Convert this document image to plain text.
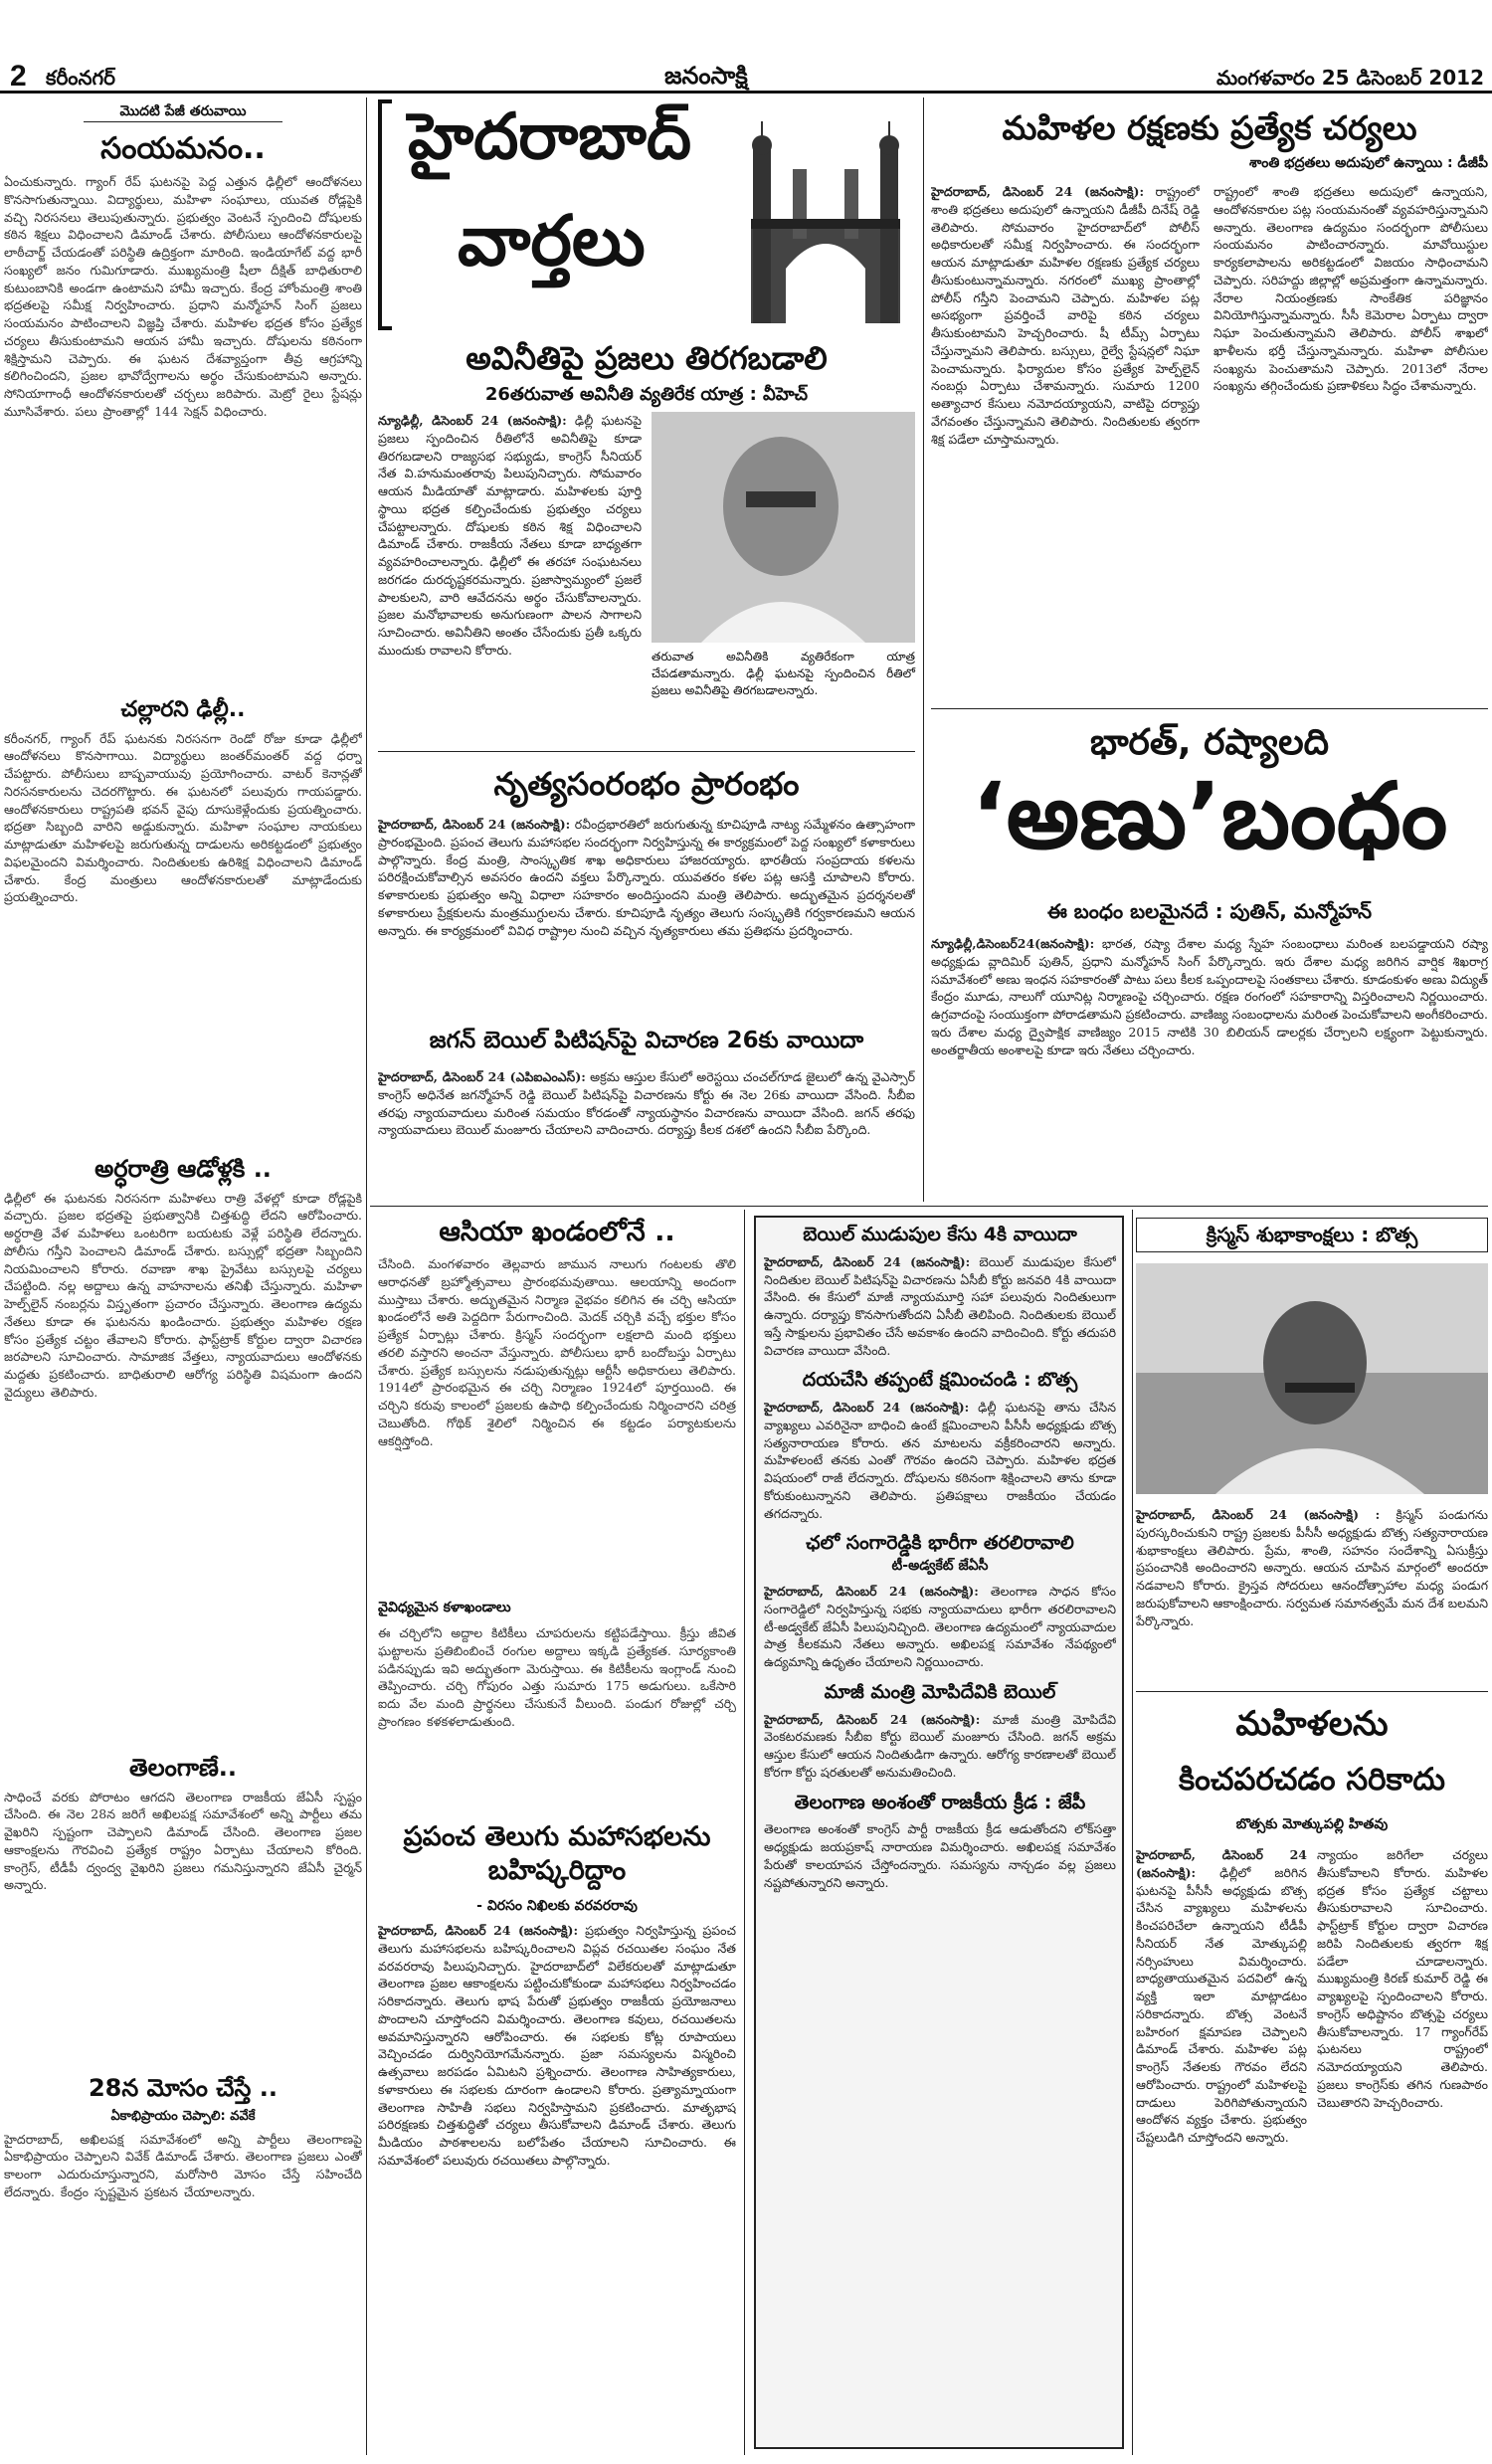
2 కరీంనగర్	జనంసాక్షి	మంగళవారం 25 డిసెంబర్ 2012
మొదటి పేజీ తరువాయి
సంయమనం..
ఏంచుకున్నారు. గ్యాంగ్ రేప్ ఘటనపై పెద్ద ఎత్తున ఢిల్లీలో ఆందోళనలు కొనసాగుతున్నాయి. విద్యార్థులు, మహిళా సంఘాలు, యువత రోడ్లపైకి వచ్చి నిరసనలు తెలుపుతున్నారు. ప్రభుత్వం వెంటనే స్పందించి దోషులకు కఠిన శిక్షలు విధించాలని డిమాండ్ చేశారు. పోలీసులు ఆందోళనకారులపై లాఠీచార్జ్ చేయడంతో పరిస్థితి ఉద్రిక్తంగా మారింది. ఇండియాగేట్ వద్ద భారీ సంఖ్యలో జనం గుమిగూడారు. ముఖ్యమంత్రి షీలా దీక్షిత్ బాధితురాలి కుటుంబానికి అండగా ఉంటామని హామీ ఇచ్చారు. కేంద్ర హోంమంత్రి శాంతి భద్రతలపై సమీక్ష నిర్వహించారు. ప్రధాని మన్మోహన్ సింగ్ ప్రజలు సంయమనం పాటించాలని విజ్ఞప్తి చేశారు. మహిళల భద్రత కోసం ప్రత్యేక చర్యలు తీసుకుంటామని ఆయన హామీ ఇచ్చారు. దోషులను కఠినంగా శిక్షిస్తామని చెప్పారు. ఈ ఘటన దేశవ్యాప్తంగా తీవ్ర ఆగ్రహాన్ని కలిగించిందని, ప్రజల భావోద్వేగాలను అర్థం చేసుకుంటామని అన్నారు. సోనియాగాంధీ ఆందోళనకారులతో చర్చలు జరిపారు. మెట్రో రైలు స్టేషన్లు మూసివేశారు. పలు ప్రాంతాల్లో 144 సెక్షన్ విధించారు.
చల్లారని ఢిల్లీ..
కరీంనగర్, గ్యాంగ్ రేప్ ఘటనకు నిరసనగా రెండో రోజు కూడా ఢిల్లీలో ఆందోళనలు కొనసాగాయి. విద్యార్థులు జంతర్‌మంతర్ వద్ద ధర్నా చేపట్టారు. పోలీసులు బాష్పవాయువు ప్రయోగించారు. వాటర్ కెనాన్లతో నిరసనకారులను చెదరగొట్టారు. ఈ ఘటనలో పలువురు గాయపడ్డారు. ఆందోళనకారులు రాష్ట్రపతి భవన్ వైపు దూసుకెళ్లేందుకు ప్రయత్నించారు. భద్రతా సిబ్బంది వారిని అడ్డుకున్నారు. మహిళా సంఘాల నాయకులు మాట్లాడుతూ మహిళలపై జరుగుతున్న దాడులను అరికట్టడంలో ప్రభుత్వం విఫలమైందని విమర్శించారు. నిందితులకు ఉరిశిక్ష విధించాలని డిమాండ్ చేశారు. కేంద్ర మంత్రులు ఆందోళనకారులతో మాట్లాడేందుకు ప్రయత్నించారు.
అర్ధరాత్రి ఆడోళ్లకి ..
ఢిల్లీలో ఈ ఘటనకు నిరసనగా మహిళలు రాత్రి వేళల్లో కూడా రోడ్లపైకి వచ్చారు. ప్రజల భద్రతపై ప్రభుత్వానికి చిత్తశుద్ధి లేదని ఆరోపించారు. అర్ధరాత్రి వేళ మహిళలు ఒంటరిగా బయటకు వెళ్లే పరిస్థితి లేదన్నారు. పోలీసు గస్తీని పెంచాలని డిమాండ్ చేశారు. బస్సుల్లో భద్రతా సిబ్బందిని నియమించాలని కోరారు. రవాణా శాఖ ప్రైవేటు బస్సులపై చర్యలు చేపట్టింది. నల్ల అద్దాలు ఉన్న వాహనాలను తనిఖీ చేస్తున్నారు. మహిళా హెల్ప్‌లైన్ నంబర్లను విస్తృతంగా ప్రచారం చేస్తున్నారు. తెలంగాణ ఉద్యమ నేతలు కూడా ఈ ఘటనను ఖండించారు. ప్రభుత్వం మహిళల రక్షణ కోసం ప్రత్యేక చట్టం తేవాలని కోరారు. ఫాస్ట్‌ట్రాక్ కోర్టుల ద్వారా విచారణ జరపాలని సూచించారు. సామాజిక వేత్తలు, న్యాయవాదులు ఆందోళనకు మద్దతు ప్రకటించారు. బాధితురాలి ఆరోగ్య పరిస్థితి విషమంగా ఉందని వైద్యులు తెలిపారు.
తెలంగాణే..
సాధించే వరకు పోరాటం ఆగదని తెలంగాణ రాజకీయ జేఏసీ స్పష్టం చేసింది. ఈ నెల 28న జరిగే అఖిలపక్ష సమావేశంలో అన్ని పార్టీలు తమ వైఖరిని స్పష్టంగా చెప్పాలని డిమాండ్ చేసింది. తెలంగాణ ప్రజల ఆకాంక్షలను గౌరవించి ప్రత్యేక రాష్ట్రం ఏర్పాటు చేయాలని కోరింది. కాంగ్రెస్, టీడీపీ ద్వంద్వ వైఖరిని ప్రజలు గమనిస్తున్నారని జేఏసీ చైర్మన్ అన్నారు.
28న మోసం చేస్తే ..
ఏకాభిప్రాయం చెప్పాలి: వవేకే
హైదరాబాద్, అఖిలపక్ష సమావేశంలో అన్ని పార్టీలు తెలంగాణపై ఏకాభిప్రాయం చెప్పాలని వివేక్ డిమాండ్ చేశారు. తెలంగాణ ప్రజలు ఎంతో కాలంగా ఎదురుచూస్తున్నారని, మరోసారి మోసం చేస్తే సహించేది లేదన్నారు. కేంద్రం స్పష్టమైన ప్రకటన చేయాలన్నారు.
హైదరాబాద్
వార్తలు
అవినీతిపై ప్రజలు తిరగబడాలి
26తరువాత అవినీతి వ్యతిరేక యాత్ర : వీహెచ్
న్యూఢిల్లీ, డిసెంబర్ 24 (జనంసాక్షి): ఢిల్లీ ఘటనపై ప్రజలు స్పందించిన రీతిలోనే అవినీతిపై కూడా తిరగబడాలని రాజ్యసభ సభ్యుడు, కాంగ్రెస్ సీనియర్ నేత వి.హనుమంతరావు పిలుపునిచ్చారు. సోమవారం ఆయన మీడియాతో మాట్లాడారు. మహిళలకు పూర్తి స్థాయి భద్రత కల్పించేందుకు ప్రభుత్వం చర్యలు చేపట్టాలన్నారు. దోషులకు కఠిన శిక్ష విధించాలని డిమాండ్ చేశారు. రాజకీయ నేతలు కూడా బాధ్యతగా వ్యవహరించాలన్నారు. ఢిల్లీలో ఈ తరహా సంఘటనలు జరగడం దురదృష్టకరమన్నారు. ప్రజాస్వామ్యంలో ప్రజలే పాలకులని, వారి ఆవేదనను అర్థం చేసుకోవాలన్నారు. ప్రజల మనోభావాలకు అనుగుణంగా పాలన సాగాలని సూచించారు. అవినీతిని అంతం చేసేందుకు ప్రతీ ఒక్కరు ముందుకు రావాలని కోరారు.	తరువాత అవినీతికి వ్యతిరేకంగా యాత్ర చేపడతామన్నారు. ఢిల్లీ ఘటనపై స్పందించిన రీతిలో ప్రజలు అవినీతిపై తిరగబడాలన్నారు.
నృత్యసంరంభం ప్రారంభం
హైదరాబాద్, డిసెంబర్ 24 (జనంసాక్షి): రవీంద్రభారతిలో జరుగుతున్న కూచిపూడి నాట్య సమ్మేళనం ఉత్సాహంగా ప్రారంభమైంది. ప్రపంచ తెలుగు మహాసభల సందర్భంగా నిర్వహిస్తున్న ఈ కార్యక్రమంలో పెద్ద సంఖ్యలో కళాకారులు పాల్గొన్నారు. కేంద్ర మంత్రి, సాంస్కృతిక శాఖ అధికారులు హాజరయ్యారు. భారతీయ సంప్రదాయ కళలను పరిరక్షించుకోవాల్సిన అవసరం ఉందని వక్తలు పేర్కొన్నారు. యువతరం కళల పట్ల ఆసక్తి చూపాలని కోరారు. కళాకారులకు ప్రభుత్వం అన్ని విధాలా సహకారం అందిస్తుందని మంత్రి తెలిపారు. అద్భుతమైన ప్రదర్శనలతో కళాకారులు ప్రేక్షకులను మంత్రముగ్ధులను చేశారు. కూచిపూడి నృత్యం తెలుగు సంస్కృతికి గర్వకారణమని ఆయన అన్నారు. ఈ కార్యక్రమంలో వివిధ రాష్ట్రాల నుంచి వచ్చిన నృత్యకారులు తమ ప్రతిభను ప్రదర్శించారు.
జగన్ బెయిల్ పిటిషన్‌పై విచారణ 26కు వాయిదా
హైదరాబాద్, డిసెంబర్ 24 (ఎపిఐఎంఎస్): అక్రమ ఆస్తుల కేసులో అరెస్టయి చంచల్‌గూడ జైలులో ఉన్న వైఎస్సార్ కాంగ్రెస్ అధినేత జగన్మోహన్ రెడ్డి బెయిల్ పిటిషన్‌పై విచారణను కోర్టు ఈ నెల 26కు వాయిదా వేసింది. సీబీఐ తరఫు న్యాయవాదులు మరింత సమయం కోరడంతో న్యాయస్థానం విచారణను వాయిదా వేసింది. జగన్ తరఫు న్యాయవాదులు బెయిల్ మంజూరు చేయాలని వాదించారు. దర్యాప్తు కీలక దశలో ఉందని సీబీఐ పేర్కొంది.
మహిళల రక్షణకు ప్రత్యేక చర్యలు
శాంతి భద్రతలు అదుపులో ఉన్నాయి : డీజీపీ
హైదరాబాద్, డిసెంబర్ 24 (జనంసాక్షి): రాష్ట్రంలో శాంతి భద్రతలు అదుపులో ఉన్నాయని డీజీపీ దినేష్ రెడ్డి తెలిపారు. సోమవారం హైదరాబాద్‌లో పోలీస్ అధికారులతో సమీక్ష నిర్వహించారు. ఈ సందర్భంగా ఆయన మాట్లాడుతూ మహిళల రక్షణకు ప్రత్యేక చర్యలు తీసుకుంటున్నామన్నారు. నగరంలో ముఖ్య ప్రాంతాల్లో పోలీస్ గస్తీని పెంచామని చెప్పారు. మహిళల పట్ల అసభ్యంగా ప్రవర్తించే వారిపై కఠిన చర్యలు తీసుకుంటామని హెచ్చరించారు. షీ టీమ్స్ ఏర్పాటు చేస్తున్నామని తెలిపారు. బస్సులు, రైల్వే స్టేషన్లలో నిఘా పెంచామన్నారు. ఫిర్యాదుల కోసం ప్రత్యేక హెల్ప్‌లైన్ నంబర్లు ఏర్పాటు చేశామన్నారు. సుమారు 1200 అత్యాచార కేసులు నమోదయ్యాయని, వాటిపై దర్యాప్తు వేగవంతం చేస్తున్నామని తెలిపారు. నిందితులకు త్వరగా శిక్ష పడేలా చూస్తామన్నారు.
రాష్ట్రంలో శాంతి భద్రతలు అదుపులో ఉన్నాయని, ఆందోళనకారుల పట్ల సంయమనంతో వ్యవహరిస్తున్నామని అన్నారు. తెలంగాణ ఉద్యమం సందర్భంగా పోలీసులు సంయమనం పాటించారన్నారు. మావోయిస్టుల కార్యకలాపాలను అరికట్టడంలో విజయం సాధించామని చెప్పారు. సరిహద్దు జిల్లాల్లో అప్రమత్తంగా ఉన్నామన్నారు. నేరాల నియంత్రణకు సాంకేతిక పరిజ్ఞానం వినియోగిస్తున్నామన్నారు. సీసీ కెమెరాల ఏర్పాటు ద్వారా నిఘా పెంచుతున్నామని తెలిపారు. పోలీస్ శాఖలో ఖాళీలను భర్తీ చేస్తున్నామన్నారు. మహిళా పోలీసుల సంఖ్యను పెంచుతామని చెప్పారు. 2013లో నేరాల సంఖ్యను తగ్గించేందుకు ప్రణాళికలు సిద్ధం చేశామన్నారు.
భారత్, రష్యాలది
‘అణు’బంధం
ఈ బంధం బలమైనదే : పుతిన్, మన్మోహన్
న్యూఢిల్లీ,డిసెంబర్24(జనంసాక్షి): భారత, రష్యా దేశాల మధ్య స్నేహ సంబంధాలు మరింత బలపడ్డాయని రష్యా అధ్యక్షుడు వ్లాదిమిర్ పుతిన్, ప్రధాని మన్మోహన్ సింగ్ పేర్కొన్నారు. ఇరు దేశాల మధ్య జరిగిన వార్షిక శిఖరాగ్ర సమావేశంలో అణు ఇంధన సహకారంతో పాటు పలు కీలక ఒప్పందాలపై సంతకాలు చేశారు. కూడంకుళం అణు విద్యుత్ కేంద్రం మూడు, నాలుగో యూనిట్ల నిర్మాణంపై చర్చించారు. రక్షణ రంగంలో సహకారాన్ని విస్తరించాలని నిర్ణయించారు. ఉగ్రవాదంపై సంయుక్తంగా పోరాడతామని ప్రకటించారు. వాణిజ్య సంబంధాలను మరింత పెంచుకోవాలని అంగీకరించారు. ఇరు దేశాల మధ్య ద్వైపాక్షిక వాణిజ్యం 2015 నాటికి 30 బిలియన్ డాలర్లకు చేర్చాలని లక్ష్యంగా పెట్టుకున్నారు. అంతర్జాతీయ అంశాలపై కూడా ఇరు నేతలు చర్చించారు.
ఆసియా ఖండంలోనే ..
చేసింది. మంగళవారం తెల్లవారు జామున నాలుగు గంటలకు తొలి ఆరాధనతో బ్రహ్మోత్సవాలు ప్రారంభమవుతాయి. ఆలయాన్ని అందంగా ముస్తాబు చేశారు. అద్భుతమైన నిర్మాణ వైభవం కలిగిన ఈ చర్చి ఆసియా ఖండంలోనే అతి పెద్దదిగా పేరుగాంచింది. మెదక్ చర్చికి వచ్చే భక్తుల కోసం ప్రత్యేక ఏర్పాట్లు చేశారు. క్రిస్మస్ సందర్భంగా లక్షలాది మంది భక్తులు తరలి వస్తారని అంచనా వేస్తున్నారు. పోలీసులు భారీ బందోబస్తు ఏర్పాటు చేశారు. ప్రత్యేక బస్సులను నడుపుతున్నట్లు ఆర్టీసీ అధికారులు తెలిపారు. 1914లో ప్రారంభమైన ఈ చర్చి నిర్మాణం 1924లో పూర్తయింది. ఈ చర్చిని కరువు కాలంలో ప్రజలకు ఉపాధి కల్పించేందుకు నిర్మించారని చరిత్ర చెబుతోంది. గోథిక్ శైలిలో నిర్మించిన ఈ కట్టడం పర్యాటకులను ఆకర్షిస్తోంది.
వైవిధ్యమైన కళాఖండాలు
ఈ చర్చిలోని అద్దాల కిటికీలు చూపరులను కట్టిపడేస్తాయి. క్రీస్తు జీవిత ఘట్టాలను ప్రతిబింబించే రంగుల అద్దాలు ఇక్కడి ప్రత్యేకత. సూర్యకాంతి పడినప్పుడు ఇవి అద్భుతంగా మెరుస్తాయి. ఈ కిటికీలను ఇంగ్లాండ్ నుంచి తెప్పించారు. చర్చి గోపురం ఎత్తు సుమారు 175 అడుగులు. ఒకేసారి ఐదు వేల మంది ప్రార్థనలు చేసుకునే వీలుంది. పండుగ రోజుల్లో చర్చి ప్రాంగణం కళకళలాడుతుంది.
ప్రపంచ తెలుగు మహాసభలను బహిష్కరిద్దాం
- విరసం నిఖిలకు వరవరరావు
హైదరాబాద్, డిసెంబర్ 24 (జనంసాక్షి): ప్రభుత్వం నిర్వహిస్తున్న ప్రపంచ తెలుగు మహాసభలను బహిష్కరించాలని విప్లవ రచయితల సంఘం నేత వరవరరావు పిలుపునిచ్చారు. హైదరాబాద్‌లో విలేకరులతో మాట్లాడుతూ తెలంగాణ ప్రజల ఆకాంక్షలను పట్టించుకోకుండా మహాసభలు నిర్వహించడం సరికాదన్నారు. తెలుగు భాష పేరుతో ప్రభుత్వం రాజకీయ ప్రయోజనాలు పొందాలని చూస్తోందని విమర్శించారు. తెలంగాణ కవులు, రచయితలను అవమానిస్తున్నారని ఆరోపించారు. ఈ సభలకు కోట్ల రూపాయలు వెచ్చించడం దుర్వినియోగమేనన్నారు. ప్రజా సమస్యలను విస్మరించి ఉత్సవాలు జరపడం ఏమిటని ప్రశ్నించారు. తెలంగాణ సాహిత్యకారులు, కళాకారులు ఈ సభలకు దూరంగా ఉండాలని కోరారు. ప్రత్యామ్నాయంగా తెలంగాణ సాహితీ సభలు నిర్వహిస్తామని ప్రకటించారు. మాతృభాష పరిరక్షణకు చిత్తశుద్ధితో చర్యలు తీసుకోవాలని డిమాండ్ చేశారు. తెలుగు మీడియం పాఠశాలలను బలోపేతం చేయాలని సూచించారు. ఈ సమావేశంలో పలువురు రచయితలు పాల్గొన్నారు.
బెయిల్ ముడుపుల కేసు 4కి వాయిదా
హైదరాబాద్, డిసెంబర్ 24 (జనంసాక్షి): బెయిల్ ముడుపుల కేసులో నిందితుల బెయిల్ పిటిషన్‌పై విచారణను ఏసీబీ కోర్టు జనవరి 4కి వాయిదా వేసింది. ఈ కేసులో మాజీ న్యాయమూర్తి సహా పలువురు నిందితులుగా ఉన్నారు. దర్యాప్తు కొనసాగుతోందని ఏసీబీ తెలిపింది. నిందితులకు బెయిల్ ఇస్తే సాక్షులను ప్రభావితం చేసే అవకాశం ఉందని వాదించింది. కోర్టు తదుపరి విచారణ వాయిదా వేసింది.
దయచేసి తప్పంటే క్షమించండి : బొత్స
హైదరాబాద్, డిసెంబర్ 24 (జనంసాక్షి): ఢిల్లీ ఘటనపై తాను చేసిన వ్యాఖ్యలు ఎవరినైనా బాధించి ఉంటే క్షమించాలని పీసీసీ అధ్యక్షుడు బొత్స సత్యనారాయణ కోరారు. తన మాటలను వక్రీకరించారని అన్నారు. మహిళలంటే తనకు ఎంతో గౌరవం ఉందని చెప్పారు. మహిళల భద్రత విషయంలో రాజీ లేదన్నారు. దోషులను కఠినంగా శిక్షించాలని తాను కూడా కోరుకుంటున్నానని తెలిపారు. ప్రతిపక్షాలు రాజకీయం చేయడం తగదన్నారు.
ఛలో సంగారెడ్డికి భారీగా తరలిరావాలి
టీ-అడ్వకేట్ జేఏసీ
హైదరాబాద్, డిసెంబర్ 24 (జనంసాక్షి): తెలంగాణ సాధన కోసం సంగారెడ్డిలో నిర్వహిస్తున్న సభకు న్యాయవాదులు భారీగా తరలిరావాలని టీ-అడ్వకేట్ జేఏసీ పిలుపునిచ్చింది. తెలంగాణ ఉద్యమంలో న్యాయవాదుల పాత్ర కీలకమని నేతలు అన్నారు. అఖిలపక్ష సమావేశం నేపథ్యంలో ఉద్యమాన్ని ఉధృతం చేయాలని నిర్ణయించారు.
మాజీ మంత్రి మోపిదేవికి బెయిల్
హైదరాబాద్, డిసెంబర్ 24 (జనంసాక్షి): మాజీ మంత్రి మోపిదేవి వెంకటరమణకు సీబీఐ కోర్టు బెయిల్ మంజూరు చేసింది. జగన్ అక్రమ ఆస్తుల కేసులో ఆయన నిందితుడిగా ఉన్నారు. ఆరోగ్య కారణాలతో బెయిల్ కోరగా కోర్టు షరతులతో అనుమతించింది.
తెలంగాణ అంశంతో రాజకీయ క్రీడ : జేపీ
తెలంగాణ అంశంతో కాంగ్రెస్ పార్టీ రాజకీయ క్రీడ ఆడుతోందని లోక్‌సత్తా అధ్యక్షుడు జయప్రకాష్ నారాయణ విమర్శించారు. అఖిలపక్ష సమావేశం పేరుతో కాలయాపన చేస్తోందన్నారు. సమస్యను నాన్చడం వల్ల ప్రజలు నష్టపోతున్నారని అన్నారు.
క్రిస్మస్ శుభాకాంక్షలు : బొత్స
హైదరాబాద్, డిసెంబర్ 24 (జనంసాక్షి) : క్రిస్మస్ పండుగను పురస్కరించుకుని రాష్ట్ర ప్రజలకు పీసీసీ అధ్యక్షుడు బొత్స సత్యనారాయణ శుభాకాంక్షలు తెలిపారు. ప్రేమ, శాంతి, సహనం సందేశాన్ని ఏసుక్రీస్తు ప్రపంచానికి అందించారని అన్నారు. ఆయన చూపిన మార్గంలో అందరూ నడవాలని కోరారు. క్రైస్తవ సోదరులు ఆనందోత్సాహాల మధ్య పండుగ జరుపుకోవాలని ఆకాంక్షించారు. సర్వమత సమానత్వమే మన దేశ బలమని పేర్కొన్నారు.
మహిళలను
కించపరచడం సరికాదు
బొత్సకు మోత్కుపల్లి హితవు
హైదరాబాద్, డిసెంబర్ 24 (జనంసాక్షి): ఢిల్లీలో జరిగిన ఘటనపై పీసీసీ అధ్యక్షుడు బొత్స చేసిన వ్యాఖ్యలు మహిళలను కించపరిచేలా ఉన్నాయని టీడీపీ సీనియర్ నేత మోత్కుపల్లి నర్సింహులు విమర్శించారు. బాధ్యతాయుతమైన పదవిలో ఉన్న వ్యక్తి ఇలా మాట్లాడటం సరికాదన్నారు. బొత్స వెంటనే బహిరంగ క్షమాపణ చెప్పాలని డిమాండ్ చేశారు. మహిళల పట్ల కాంగ్రెస్ నేతలకు గౌరవం లేదని ఆరోపించారు. రాష్ట్రంలో మహిళలపై దాడులు పెరిగిపోతున్నాయని ఆందోళన వ్యక్తం చేశారు. ప్రభుత్వం చేష్టలుడిగి చూస్తోందని అన్నారు.
న్యాయం జరిగేలా చర్యలు తీసుకోవాలని కోరారు. మహిళల భద్రత కోసం ప్రత్యేక చట్టాలు తీసుకురావాలని సూచించారు. ఫాస్ట్‌ట్రాక్ కోర్టుల ద్వారా విచారణ జరిపి నిందితులకు త్వరగా శిక్ష పడేలా చూడాలన్నారు. ముఖ్యమంత్రి కిరణ్ కుమార్ రెడ్డి ఈ వ్యాఖ్యలపై స్పందించాలని కోరారు. కాంగ్రెస్ అధిష్టానం బొత్సపై చర్యలు తీసుకోవాలన్నారు. 17 గ్యాంగ్‌రేప్ ఘటనలు రాష్ట్రంలో నమోదయ్యాయని తెలిపారు. ప్రజలు కాంగ్రెస్‌కు తగిన గుణపాఠం చెబుతారని హెచ్చరించారు.
